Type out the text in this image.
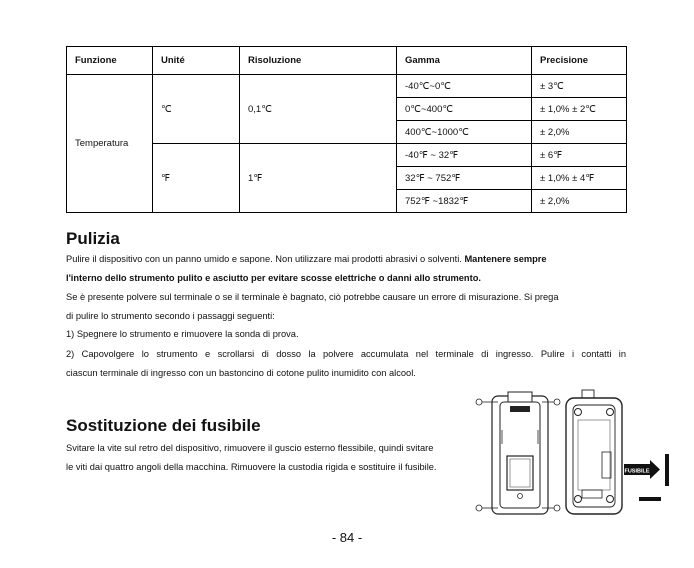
Funzione	Unité	Risoluzione	Gamma	Precisione
Temperatura	℃	0,1℃	-40℃~0℃	± 3℃
			0℃~400℃	± 1,0% ± 2℃
			400℃~1000℃	± 2,0%
	℉	1℉	-40℉ ~ 32℉	± 6℉
			32℉ ~ 752℉	± 1,0% ± 4℉
			752℉ ~1832℉	± 2,0%
Pulizia

Pulire il dispositivo con un panno umido e sapone. Non utilizzare mai prodotti abrasivi o solventi. Mantenere sempre
l'interno dello strumento pulito e asciutto per evitare scosse elettriche o danni allo strumento.

Se è presente polvere sul terminale o se il terminale è bagnato, ciò potrebbe causare un errore di misurazione. Si prega
di pulire lo strumento secondo i passaggi seguenti:

1) Spegnere lo strumento e rimuovere la sonda di prova.

2) Capovolgere lo strumento e scrollarsi di dosso la polvere accumulata nel terminale di ingresso. Pulire i contatti in

ciascun terminale di ingresso con un bastoncino di cotone pulito inumidito con alcool.

Sostituzione dei fusibile

Svitare la vite sul retro del dispositivo, rimuovere il guscio esterno flessibile, quindi svitare
le viti dai quattro angoli della macchina. Rimuovere la custodia rigida e sostituire il fusibile.	FUSIBILE
- 84 -
